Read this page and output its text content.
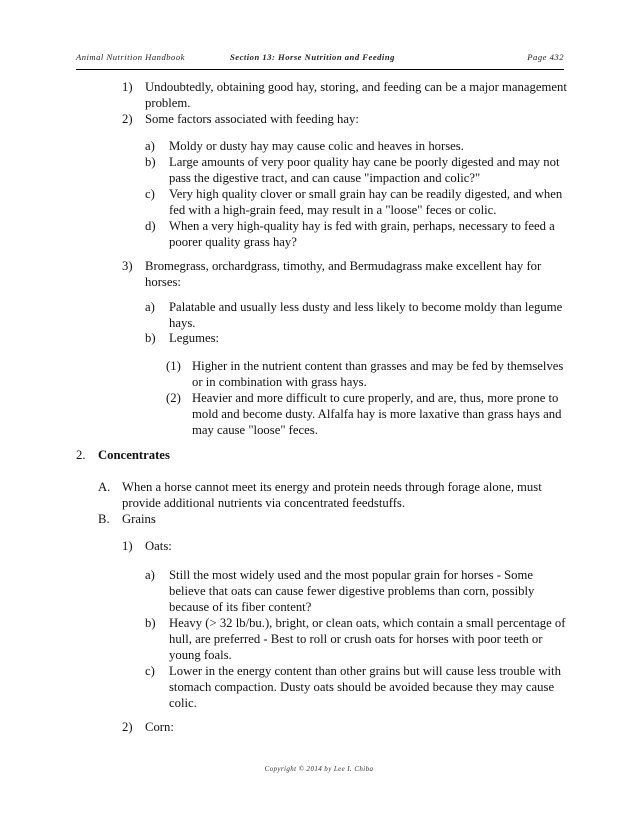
Animal Nutrition Handbook	Section 13: Horse Nutrition and Feeding	Page 432
1) Undoubtedly, obtaining good hay, storing, and feeding can be a major management
problem.
2) Some factors associated with feeding hay:
a) Moldy or dusty hay may cause colic and heaves in horses.
b) Large amounts of very poor quality hay cane be poorly digested and may not
pass the digestive tract, and can cause "impaction and colic?"
c) Very high quality clover or small grain hay can be readily digested, and when
fed with a high-grain feed, may result in a "loose" feces or colic.
d) When a very high-quality hay is fed with grain, perhaps, necessary to feed a
poorer quality grass hay?
3) Bromegrass, orchardgrass, timothy, and Bermudagrass make excellent hay for
horses:
a) Palatable and usually less dusty and less likely to become moldy than legume
hays.
b) Legumes:
(1) Higher in the nutrient content than grasses and may be fed by themselves
or in combination with grass hays.
(2) Heavier and more difficult to cure properly, and are, thus, more prone to
mold and become dusty. Alfalfa hay is more laxative than grass hays and
may cause "loose" feces.
2. Concentrates
A. When a horse cannot meet its energy and protein needs through forage alone, must
provide additional nutrients via concentrated feedstuffs.
B. Grains
1) Oats:
a) Still the most widely used and the most popular grain for horses - Some
believe that oats can cause fewer digestive problems than corn, possibly
because of its fiber content?
b) Heavy (> 32 lb/bu.), bright, or clean oats, which contain a small percentage of
hull, are preferred - Best to roll or crush oats for horses with poor teeth or
young foals.
c) Lower in the energy content than other grains but will cause less trouble with
stomach compaction. Dusty oats should be avoided because they may cause
colic.
2) Corn:
Copyright © 2014 by Lee I. Chiba
